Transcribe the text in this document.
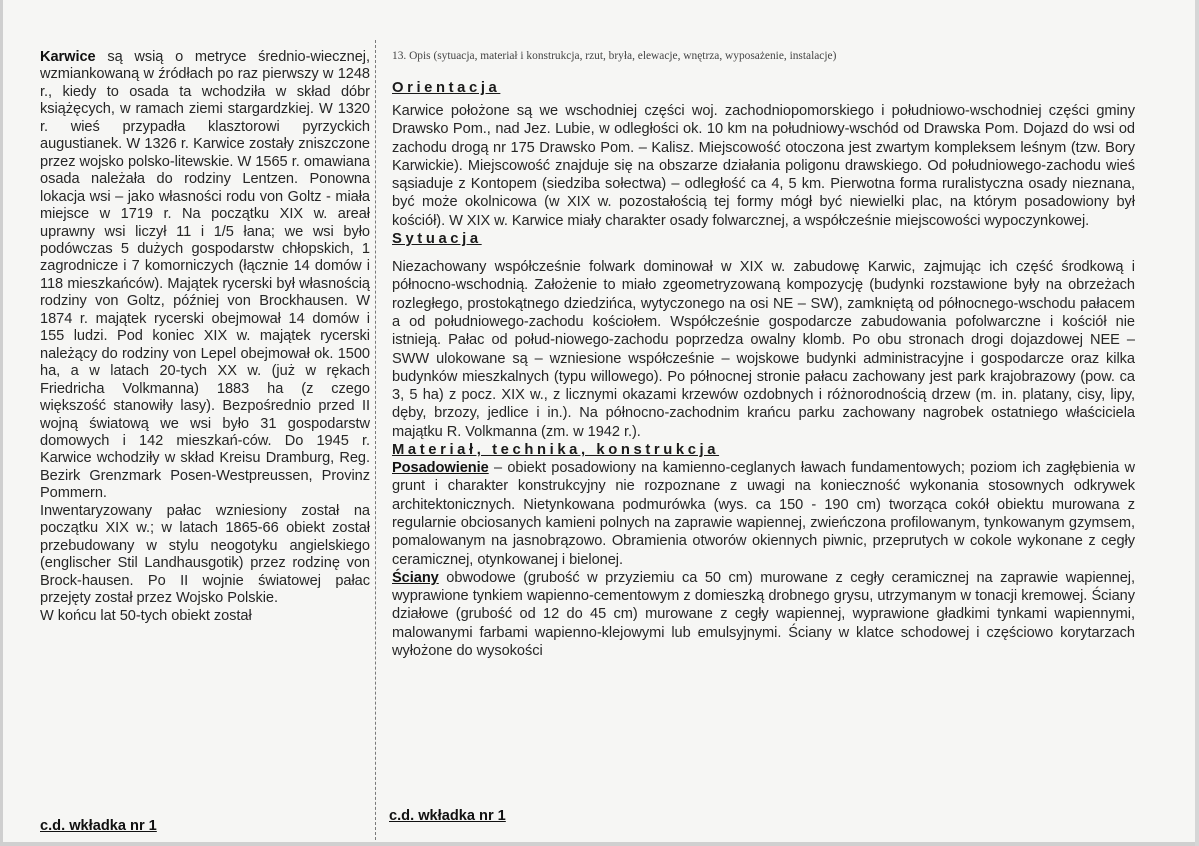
Karwice są wsią o metryce średnio-wiecznej, wzmiankowaną w źródłach po raz pierwszy w 1248 r., kiedy to osada ta wchodziła w skład dóbr książęcych, w ramach ziemi stargardzkiej. W 1320 r. wieś przypadła klasztorowi pyrzyckich augustianek. W 1326 r. Karwice zostały zniszczone przez wojsko polsko-litewskie. W 1565 r. omawiana osada należała do rodziny Lentzen. Ponowna lokacja wsi – jako własności rodu von Goltz - miała miejsce w 1719 r. Na początku XIX w. areał uprawny wsi liczył 11 i 1/5 łana; we wsi było podówczas 5 dużych gospodarstw chłopskich, 1 zagrodnicze i 7 komorniczych (łącznie 14 domów i 118 mieszkańców). Majątek rycerski był własnością rodziny von Goltz, później von Brockhausen. W 1874 r. majątek rycerski obejmował 14 domów i 155 ludzi. Pod koniec XIX w. majątek rycerski należący do rodziny von Lepel obejmował ok. 1500 ha, a w latach 20-tych XX w. (już w rękach Friedricha Volkmanna) 1883 ha (z czego większość stanowiły lasy). Bezpośrednio przed II wojną światową we wsi było 31 gospodarstw domowych i 142 mieszkań-ców. Do 1945 r. Karwice wchodziły w skład Kreisu Dramburg, Reg. Bezirk Grenzmark Posen-Westpreussen, Provinz Pommern.

Inwentaryzowany pałac wzniesiony został na początku XIX w.; w latach 1865-66 obiekt został przebudowany w stylu neogotyku angielskiego (englischer Stil Landhausgotik) przez rodzinę von Brock-hausen. Po II wojnie światowej pałac przejęty został przez Wojsko Polskie.

W końcu lat 50-tych obiekt został

c.d. wkładka nr 1
13. Opis (sytuacja, materiał i konstrukcja, rzut, bryła, elewacje, wnętrza, wyposażenie, instalacje)
Orientacja

Karwice położone są we wschodniej części woj. zachodniopomorskiego i południowo-wschodniej części gminy Drawsko Pom., nad Jez. Lubie, w odległości ok. 10 km na południowy-wschód od Drawska Pom. Dojazd do wsi od zachodu drogą nr 175 Drawsko Pom. – Kalisz. Miejscowość otoczona jest zwartym kompleksem leśnym (tzw. Bory Karwickie). Miejscowość znajduje się na obszarze działania poligonu drawskiego. Od południowego-zachodu wieś sąsiaduje z Kontopem (siedziba sołectwa) – odległość ca 4, 5 km. Pierwotna forma ruralistyczna osady nieznana, być może okolnicowa (w XIX w. pozostałością tej formy mógł być niewielki plac, na którym posadowiony był kościół). W XIX w. Karwice miały charakter osady folwarcznej, a współcześnie miejscowości wypoczynkowej.

Sytuacja

Niezachowany współcześnie folwark dominował w XIX w. zabudowę Karwic, zajmując ich część środkową i północno-wschodnią. Założenie to miało zgeometryzowaną kompozycję (budynki rozstawione były na obrzeżach rozległego, prostokątnego dziedzińca, wytyczonego na osi NE – SW), zamkniętą od północnego-wschodu pałacem a od południowego-zachodu kościołem. Współcześnie gospodarcze zabudowania pofolwarczne i kościół nie istnieją. Pałac od połud-niowego-zachodu poprzedza owalny klomb. Po obu stronach drogi dojazdowej NEE – SWW ulokowane są – wzniesione współcześnie – wojskowe budynki administracyjne i gospodarcze oraz kilka budynków mieszkalnych (typu willowego). Po północnej stronie pałacu zachowany jest park krajobrazowy (pow. ca 3, 5 ha) z pocz. XIX w., z licznymi okazami krzewów ozdobnych i różnorodnością drzew (m. in. platany, cisy, lipy, dęby, brzozy, jedlice i in.). Na północno-zachodnim krańcu parku zachowany nagrobek ostatniego właściciela majątku R. Volkmanna (zm. w 1942 r.).

Materiał, technika, konstrukcja

Posadowienie – obiekt posadowiony na kamienno-ceglanych ławach fundamentowych; poziom ich zagłębienia w grunt i charakter konstrukcyjny nie rozpoznane z uwagi na konieczność wykonania stosownych odkrywek architektonicznych. Nietynkowana podmurówka (wys. ca 150 - 190 cm) tworząca cokół obiektu murowana z regularnie obciosanych kamieni polnych na zaprawie wapiennej, zwieńczona profilowanym, tynkowanym gzymsem, pomalowanym na jasnobrązowo. Obramienia otworów okiennych piwnic, przeprutych w cokole wykonane z cegły ceramicznej, otynkowanej i bielonej.

Ściany obwodowe (grubość w przyziemiu ca 50 cm) murowane z cegły ceramicznej na zaprawie wapiennej, wyprawione tynkiem wapienno-cementowym z domieszką drobnego grysu, utrzymanym w tonacji kremowej. Ściany działowe (grubość od 12 do 45 cm) murowane z cegły wapiennej, wyprawione gładkimi tynkami wapiennymi, malowanymi farbami wapienno-klejowymi lub emulsyjnymi. Ściany w klatce schodowej i częściowo korytarzach wyłożone do wysokości

c.d. wkładka nr 1
